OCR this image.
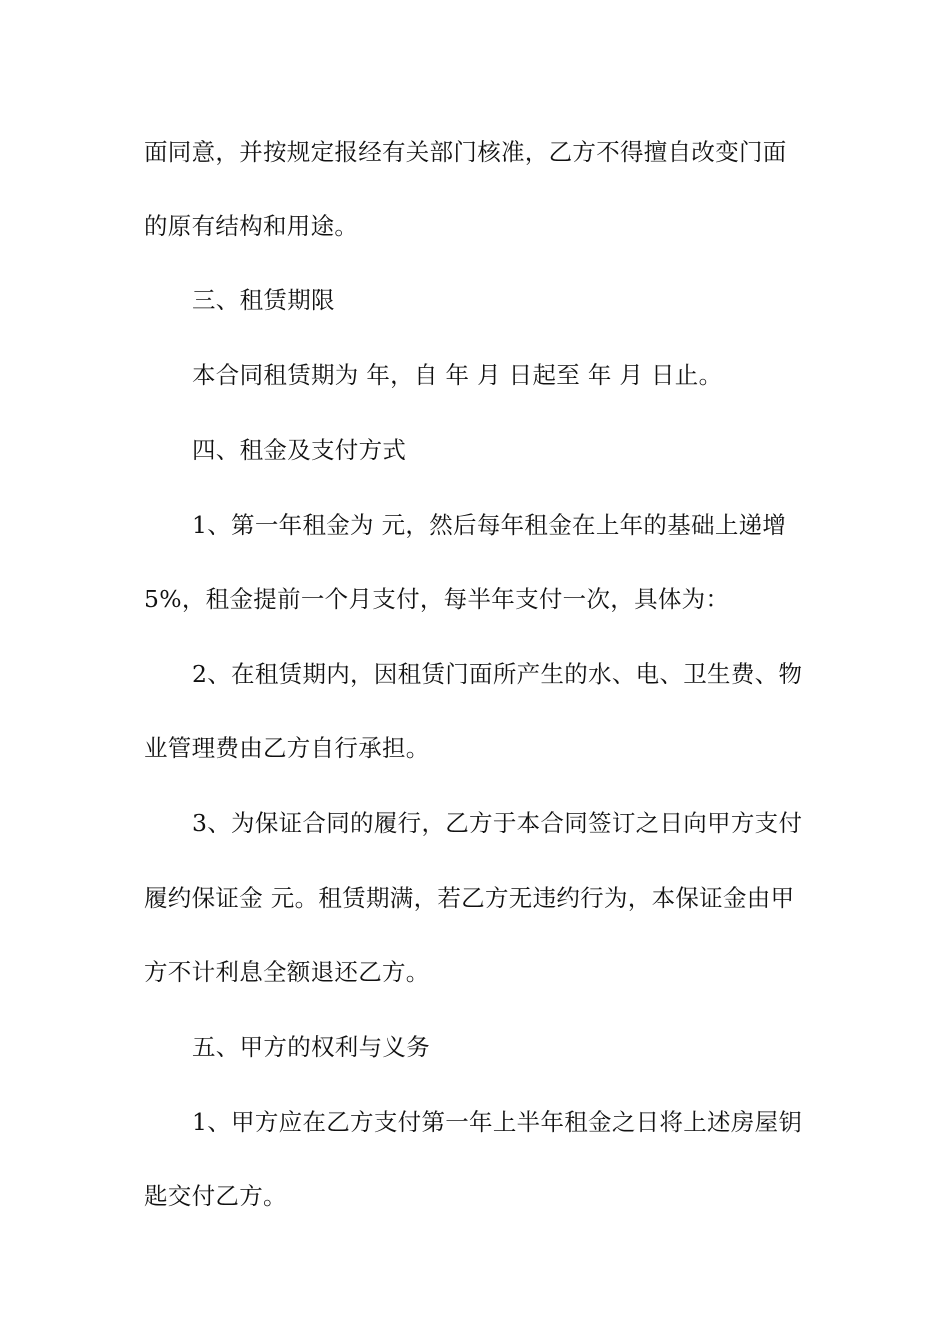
面同意，并按规定报经有关部门核准，乙方不得擅自改变门面
的原有结构和用途。
三、租赁期限
本合同租赁期为 年，自 年 月 日起至 年 月 日止。
四、租金及支付方式
1、第一年租金为 元，然后每年租金在上年的基础上递增
5%，租金提前一个月支付，每半年支付一次，具体为：
2、在租赁期内，因租赁门面所产生的水、电、卫生费、物
业管理费由乙方自行承担。
3、为保证合同的履行，乙方于本合同签订之日向甲方支付
履约保证金 元。租赁期满，若乙方无违约行为，本保证金由甲
方不计利息全额退还乙方。
五、甲方的权利与义务
1、甲方应在乙方支付第一年上半年租金之日将上述房屋钥
匙交付乙方。
